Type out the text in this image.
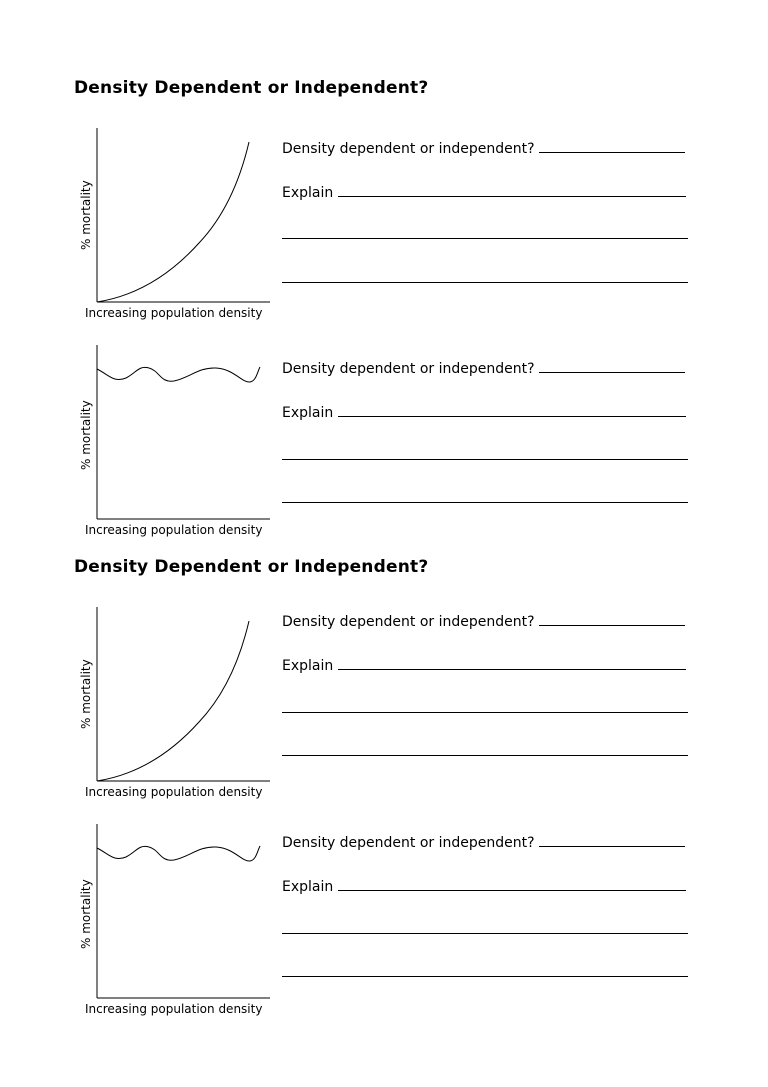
Density Dependent or Independent?
% mortality
Increasing population density
Density dependent or independent?
Explain
% mortality
Increasing population density
Density dependent or independent?
Explain
Density Dependent or Independent?
% mortality
Increasing population density
Density dependent or independent?
Explain
% mortality
Increasing population density
Density dependent or independent?
Explain
